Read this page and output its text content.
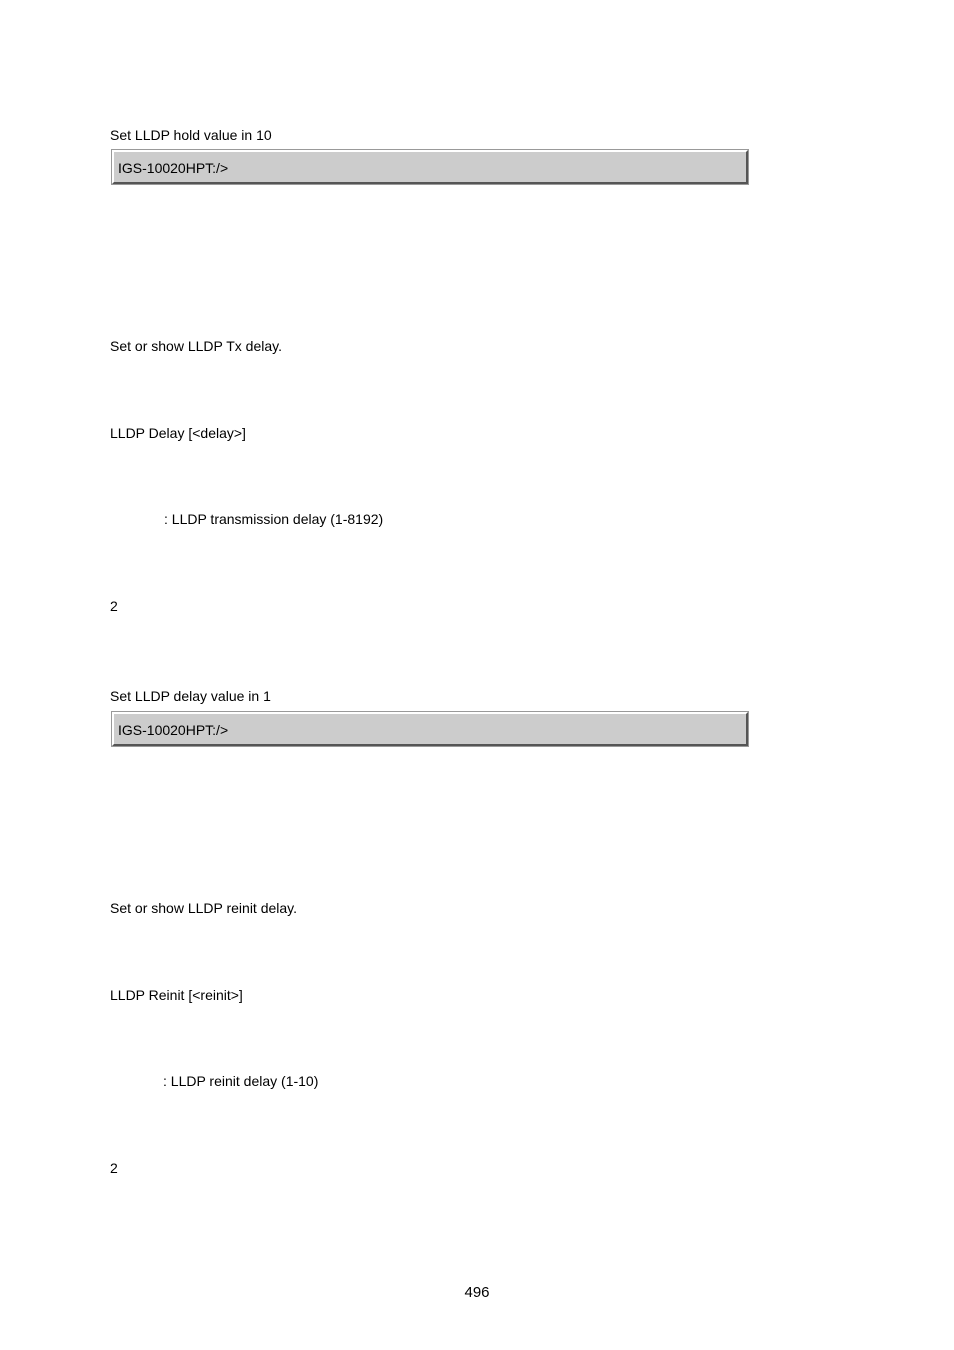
Set LLDP hold value in 10
IGS-10020HPT:/>
Set or show LLDP Tx delay.
LLDP Delay [<delay>]
: LLDP transmission delay (1-8192)
2
Set LLDP delay value in 1
IGS-10020HPT:/>
Set or show LLDP reinit delay.
LLDP Reinit [<reinit>]
: LLDP reinit delay (1-10)
2
496
